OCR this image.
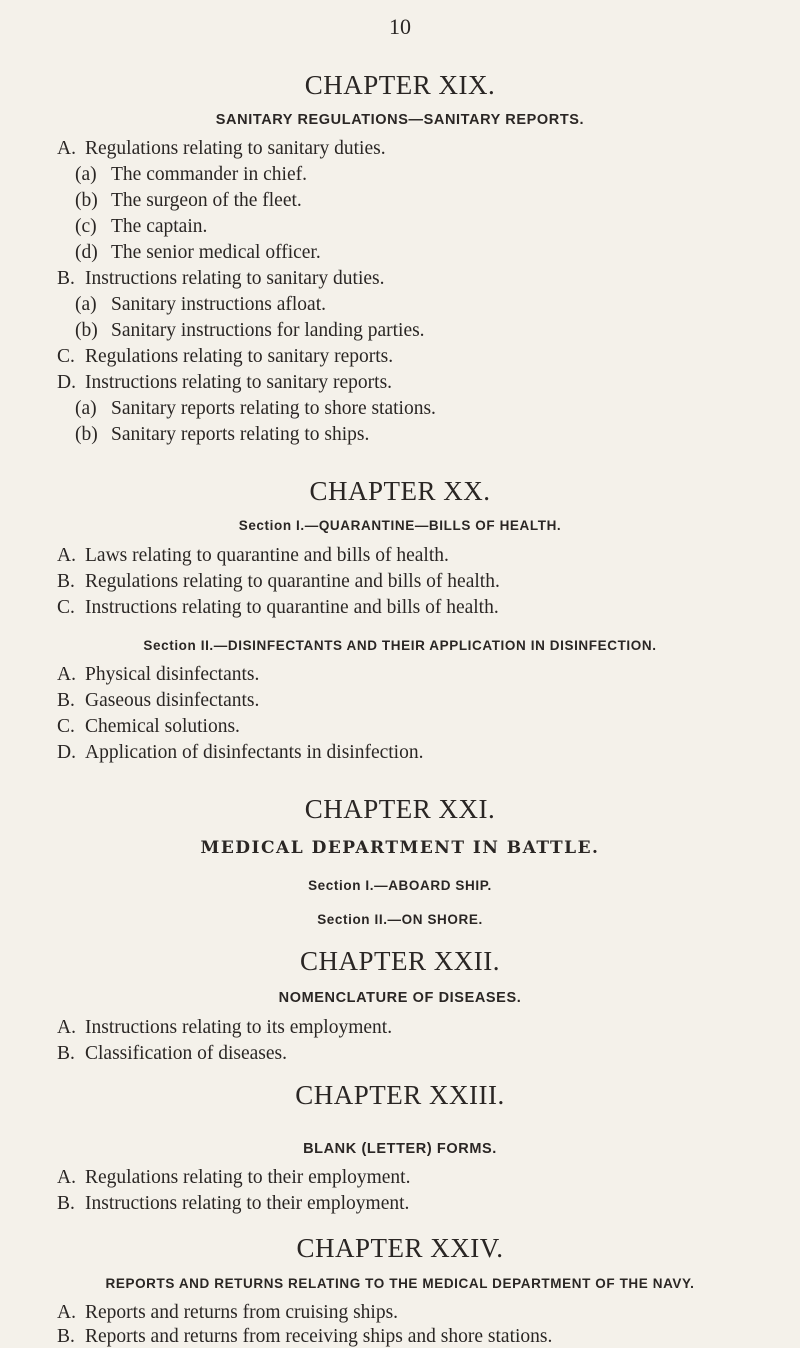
10
CHAPTER XIX.
SANITARY REGULATIONS—SANITARY REPORTS.
A. Regulations relating to sanitary duties.
(a) The commander in chief.
(b) The surgeon of the fleet.
(c) The captain.
(d) The senior medical officer.
B. Instructions relating to sanitary duties.
(a) Sanitary instructions afloat.
(b) Sanitary instructions for landing parties.
C. Regulations relating to sanitary reports.
D. Instructions relating to sanitary reports.
(a) Sanitary reports relating to shore stations.
(b) Sanitary reports relating to ships.
CHAPTER XX.
Section I.—QUARANTINE—BILLS OF HEALTH.
A. Laws relating to quarantine and bills of health.
B. Regulations relating to quarantine and bills of health.
C. Instructions relating to quarantine and bills of health.
Section II.—DISINFECTANTS AND THEIR APPLICATION IN DISINFECTION.
A. Physical disinfectants.
B. Gaseous disinfectants.
C. Chemical solutions.
D. Application of disinfectants in disinfection.
CHAPTER XXI.
MEDICAL DEPARTMENT IN BATTLE.
Section I.—ABOARD SHIP.
Section II.—ON SHORE.
CHAPTER XXII.
NOMENCLATURE OF DISEASES.
A. Instructions relating to its employment.
B. Classification of diseases.
CHAPTER XXIII.
BLANK (LETTER) FORMS.
A. Regulations relating to their employment.
B. Instructions relating to their employment.
CHAPTER XXIV.
REPORTS AND RETURNS RELATING TO THE MEDICAL DEPARTMENT OF THE NAVY.
A. Reports and returns from cruising ships.
B. Reports and returns from receiving ships and shore stations.
